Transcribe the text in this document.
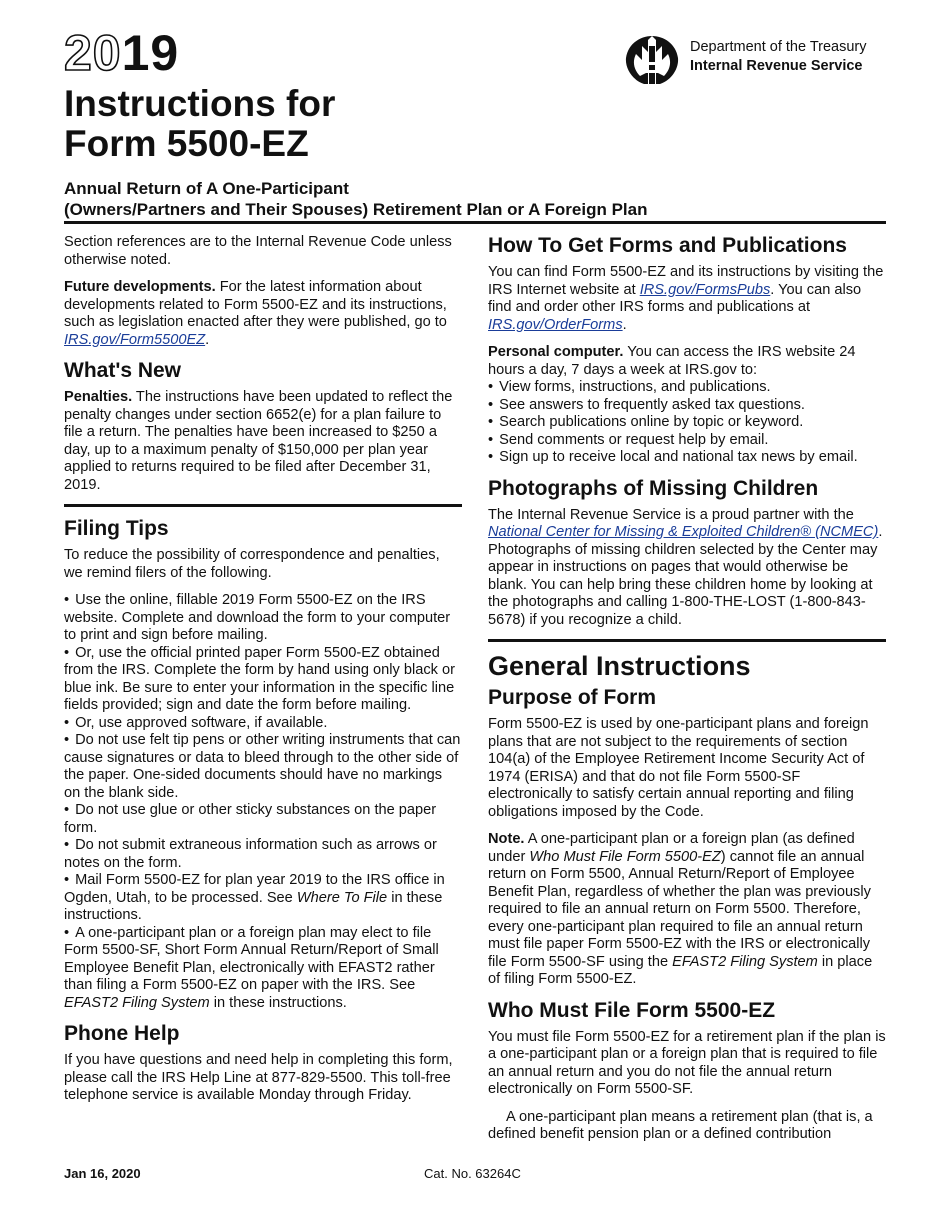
2019
Instructions for
Form 5500-EZ
Department of the Treasury
Internal Revenue Service
Annual Return of A One-Participant
(Owners/Partners and Their Spouses) Retirement Plan or A Foreign Plan

Section references are to the Internal Revenue Code unless otherwise noted.

Future developments. For the latest information about developments related to Form 5500-EZ and its instructions, such as legislation enacted after they were published, go to IRS.gov/Form5500EZ.

What's New

Penalties. The instructions have been updated to reflect the penalty changes under section 6652(e) for a plan failure to file a return. The penalties have been increased to $250 a day, up to a maximum penalty of $150,000 per plan year applied to returns required to be filed after December 31, 2019.

Filing Tips

To reduce the possibility of correspondence and penalties, we remind filers of the following.

• Use the online, fillable 2019 Form 5500-EZ on the IRS website. Complete and download the form to your computer to print and sign before mailing.
• Or, use the official printed paper Form 5500-EZ obtained from the IRS. Complete the form by hand using only black or blue ink. Be sure to enter your information in the specific line fields provided; sign and date the form before mailing.
• Or, use approved software, if available.
• Do not use felt tip pens or other writing instruments that can cause signatures or data to bleed through to the other side of the paper. One-sided documents should have no markings on the blank side.
• Do not use glue or other sticky substances on the paper form.
• Do not submit extraneous information such as arrows or notes on the form.
• Mail Form 5500-EZ for plan year 2019 to the IRS office in Ogden, Utah, to be processed. See Where To File in these instructions.
• A one-participant plan or a foreign plan may elect to file Form 5500-SF, Short Form Annual Return/Report of Small Employee Benefit Plan, electronically with EFAST2 rather than filing a Form 5500-EZ on paper with the IRS. See EFAST2 Filing System in these instructions.
Phone Help

If you have questions and need help in completing this form, please call the IRS Help Line at 877-829-5500. This toll-free telephone service is available Monday through Friday.

How To Get Forms and Publications

You can find Form 5500-EZ and its instructions by visiting the IRS Internet website at IRS.gov/FormsPubs. You can also find and order other IRS forms and publications at IRS.gov/OrderForms.

Personal computer. You can access the IRS website 24 hours a day, 7 days a week at IRS.gov to:

• View forms, instructions, and publications.
• See answers to frequently asked tax questions.
• Search publications online by topic or keyword.
• Send comments or request help by email.
• Sign up to receive local and national tax news by email.
Photographs of Missing Children

The Internal Revenue Service is a proud partner with the National Center for Missing & Exploited Children® (NCMEC). Photographs of missing children selected by the Center may appear in instructions on pages that would otherwise be blank. You can help bring these children home by looking at the photographs and calling 1-800-THE-LOST (1-800-843-5678) if you recognize a child.

General Instructions
Purpose of Form

Form 5500-EZ is used by one-participant plans and foreign plans that are not subject to the requirements of section 104(a) of the Employee Retirement Income Security Act of 1974 (ERISA) and that do not file Form 5500-SF electronically to satisfy certain annual reporting and filing obligations imposed by the Code.

Note. A one-participant plan or a foreign plan (as defined under Who Must File Form 5500-EZ) cannot file an annual return on Form 5500, Annual Return/Report of Employee Benefit Plan, regardless of whether the plan was previously required to file an annual return on Form 5500. Therefore, every one-participant plan required to file an annual return must file paper Form 5500-EZ with the IRS or electronically file Form 5500-SF using the EFAST2 Filing System in place of filing Form 5500-EZ.

Who Must File Form 5500-EZ

You must file Form 5500-EZ for a retirement plan if the plan is a one-participant plan or a foreign plan that is required to file an annual return and you do not file the annual return electronically on Form 5500-SF.

A one-participant plan means a retirement plan (that is, a defined benefit pension plan or a defined contribution

Jan 16, 2020	Cat. No. 63264C
